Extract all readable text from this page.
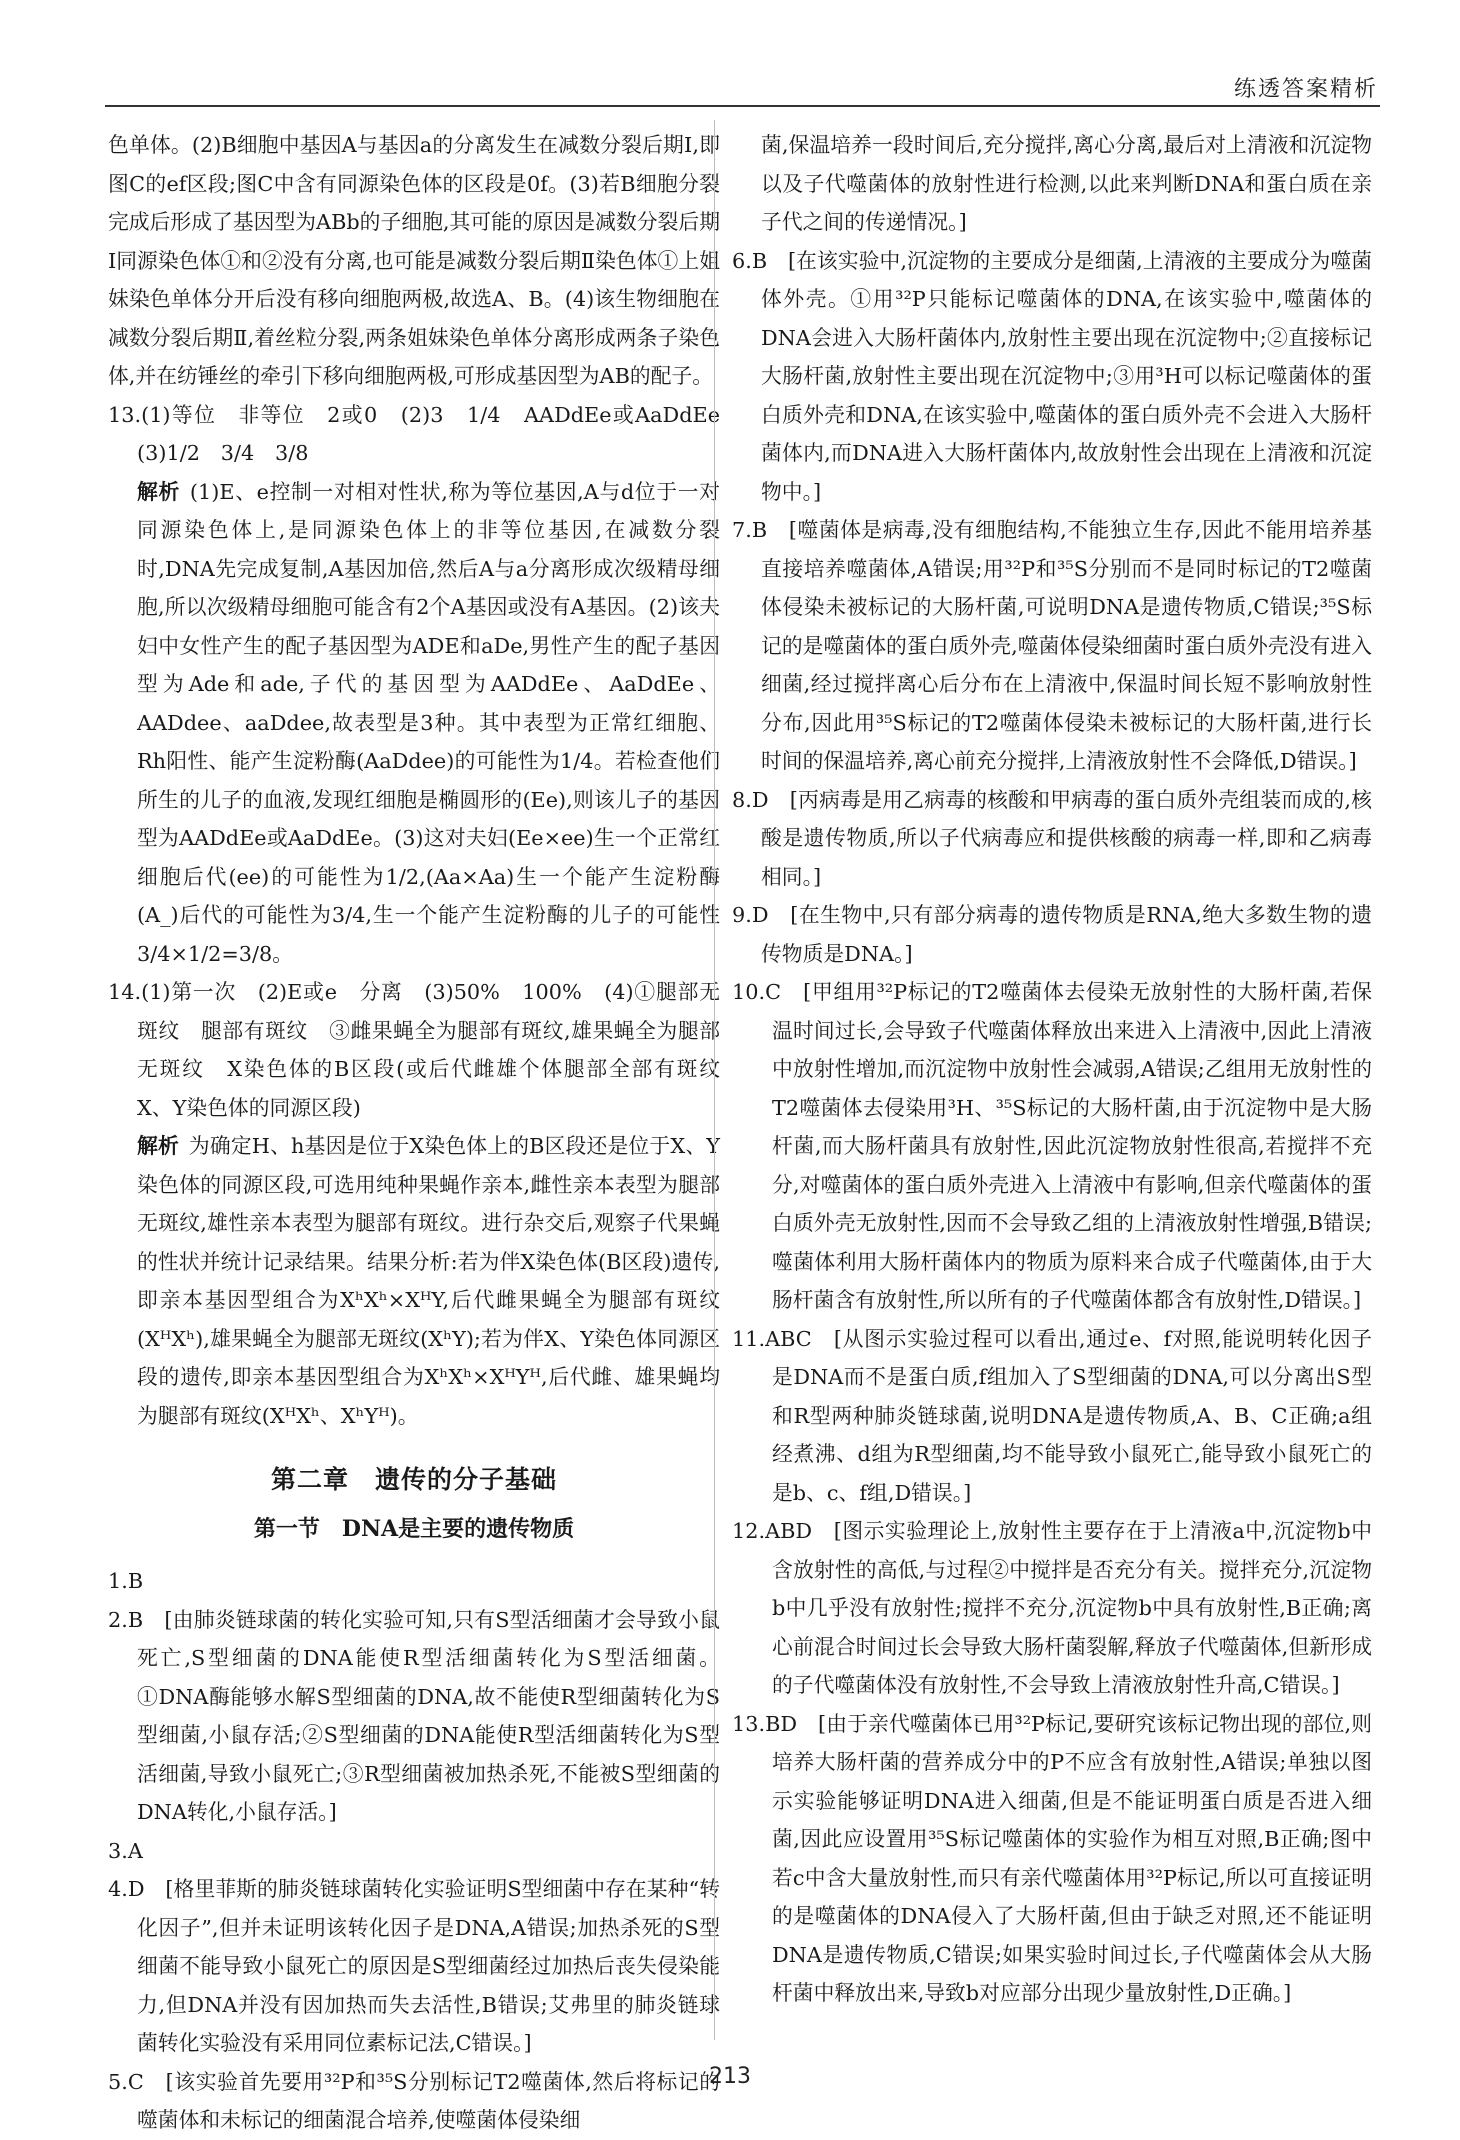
练透答案精析

色单体。(2)B细胞中基因A与基因a的分离发生在减数分裂后期Ⅰ,即图C的ef区段;图C中含有同源染色体的区段是0f。(3)若B细胞分裂完成后形成了基因型为ABb的子细胞,其可能的原因是减数分裂后期Ⅰ同源染色体①和②没有分离,也可能是减数分裂后期Ⅱ染色体①上姐妹染色单体分开后没有移向细胞两极,故选A、B。(4)该生物细胞在减数分裂后期Ⅱ,着丝粒分裂,两条姐妹染色单体分离形成两条子染色体,并在纺锤丝的牵引下移向细胞两极,可形成基因型为AB的配子。

13.(1)等位　非等位　2或0　(2)3　1/4　AADdEe或AaDdEe　(3)1/2　3/4　3/8

解析 (1)E、e控制一对相对性状,称为等位基因,A与d位于一对同源染色体上,是同源染色体上的非等位基因,在减数分裂时,DNA先完成复制,A基因加倍,然后A与a分离形成次级精母细胞,所以次级精母细胞可能含有2个A基因或没有A基因。(2)该夫妇中女性产生的配子基因型为ADE和aDe,男性产生的配子基因型为Ade和ade,子代的基因型为AADdEe、AaDdEe、AADdee、aaDdee,故表型是3种。其中表型为正常红细胞、Rh阳性、能产生淀粉酶(AaDdee)的可能性为1/4。若检查他们所生的儿子的血液,发现红细胞是椭圆形的(Ee),则该儿子的基因型为AADdEe或AaDdEe。(3)这对夫妇(Ee×ee)生一个正常红细胞后代(ee)的可能性为1/2,(Aa×Aa)生一个能产生淀粉酶(A_)后代的可能性为3/4,生一个能产生淀粉酶的儿子的可能性3/4×1/2=3/8。

14.(1)第一次　(2)E或e　分离　(3)50%　100%　(4)①腿部无斑纹　腿部有斑纹　③雌果蝇全为腿部有斑纹,雄果蝇全为腿部无斑纹　X染色体的B区段(或后代雌雄个体腿部全部有斑纹　X、Y染色体的同源区段)

解析 为确定H、h基因是位于X染色体上的B区段还是位于X、Y染色体的同源区段,可选用纯种果蝇作亲本,雌性亲本表型为腿部无斑纹,雄性亲本表型为腿部有斑纹。进行杂交后,观察子代果蝇的性状并统计记录结果。结果分析:若为伴X染色体(B区段)遗传,即亲本基因型组合为XʰXʰ×XᴴY,后代雌果蝇全为腿部有斑纹(XᴴXʰ),雄果蝇全为腿部无斑纹(XʰY);若为伴X、Y染色体同源区段的遗传,即亲本基因型组合为XʰXʰ×XᴴYᴴ,后代雌、雄果蝇均为腿部有斑纹(XᴴXʰ、XʰYᴴ)。

第二章　遗传的分子基础
第一节　DNA是主要的遗传物质

1.B

2.B　[由肺炎链球菌的转化实验可知,只有S型活细菌才会导致小鼠死亡,S型细菌的DNA能使R型活细菌转化为S型活细菌。①DNA酶能够水解S型细菌的DNA,故不能使R型细菌转化为S型细菌,小鼠存活;②S型细菌的DNA能使R型活细菌转化为S型活细菌,导致小鼠死亡;③R型细菌被加热杀死,不能被S型细菌的DNA转化,小鼠存活。]

3.A

4.D　[格里菲斯的肺炎链球菌转化实验证明S型细菌中存在某种“转化因子”,但并未证明该转化因子是DNA,A错误;加热杀死的S型细菌不能导致小鼠死亡的原因是S型细菌经过加热后丧失侵染能力,但DNA并没有因加热而失去活性,B错误;艾弗里的肺炎链球菌转化实验没有采用同位素标记法,C错误。]

5.C　[该实验首先要用³²P和³⁵S分别标记T2噬菌体,然后将标记的噬菌体和未标记的细菌混合培养,使噬菌体侵染细

菌,保温培养一段时间后,充分搅拌,离心分离,最后对上清液和沉淀物以及子代噬菌体的放射性进行检测,以此来判断DNA和蛋白质在亲子代之间的传递情况。]

6.B　[在该实验中,沉淀物的主要成分是细菌,上清液的主要成分为噬菌体外壳。①用³²P只能标记噬菌体的DNA,在该实验中,噬菌体的DNA会进入大肠杆菌体内,放射性主要出现在沉淀物中;②直接标记大肠杆菌,放射性主要出现在沉淀物中;③用³H可以标记噬菌体的蛋白质外壳和DNA,在该实验中,噬菌体的蛋白质外壳不会进入大肠杆菌体内,而DNA进入大肠杆菌体内,故放射性会出现在上清液和沉淀物中。]

7.B　[噬菌体是病毒,没有细胞结构,不能独立生存,因此不能用培养基直接培养噬菌体,A错误;用³²P和³⁵S分别而不是同时标记的T2噬菌体侵染未被标记的大肠杆菌,可说明DNA是遗传物质,C错误;³⁵S标记的是噬菌体的蛋白质外壳,噬菌体侵染细菌时蛋白质外壳没有进入细菌,经过搅拌离心后分布在上清液中,保温时间长短不影响放射性分布,因此用³⁵S标记的T2噬菌体侵染未被标记的大肠杆菌,进行长时间的保温培养,离心前充分搅拌,上清液放射性不会降低,D错误。]

8.D　[丙病毒是用乙病毒的核酸和甲病毒的蛋白质外壳组装而成的,核酸是遗传物质,所以子代病毒应和提供核酸的病毒一样,即和乙病毒相同。]

9.D　[在生物中,只有部分病毒的遗传物质是RNA,绝大多数生物的遗传物质是DNA。]

10.C　[甲组用³²P标记的T2噬菌体去侵染无放射性的大肠杆菌,若保温时间过长,会导致子代噬菌体释放出来进入上清液中,因此上清液中放射性增加,而沉淀物中放射性会减弱,A错误;乙组用无放射性的T2噬菌体去侵染用³H、³⁵S标记的大肠杆菌,由于沉淀物中是大肠杆菌,而大肠杆菌具有放射性,因此沉淀物放射性很高,若搅拌不充分,对噬菌体的蛋白质外壳进入上清液中有影响,但亲代噬菌体的蛋白质外壳无放射性,因而不会导致乙组的上清液放射性增强,B错误;噬菌体利用大肠杆菌体内的物质为原料来合成子代噬菌体,由于大肠杆菌含有放射性,所以所有的子代噬菌体都含有放射性,D错误。]

11.ABC　[从图示实验过程可以看出,通过e、f对照,能说明转化因子是DNA而不是蛋白质,f组加入了S型细菌的DNA,可以分离出S型和R型两种肺炎链球菌,说明DNA是遗传物质,A、B、C正确;a组经煮沸、d组为R型细菌,均不能导致小鼠死亡,能导致小鼠死亡的是b、c、f组,D错误。]

12.ABD　[图示实验理论上,放射性主要存在于上清液a中,沉淀物b中含放射性的高低,与过程②中搅拌是否充分有关。搅拌充分,沉淀物b中几乎没有放射性;搅拌不充分,沉淀物b中具有放射性,B正确;离心前混合时间过长会导致大肠杆菌裂解,释放子代噬菌体,但新形成的子代噬菌体没有放射性,不会导致上清液放射性升高,C错误。]

13.BD　[由于亲代噬菌体已用³²P标记,要研究该标记物出现的部位,则培养大肠杆菌的营养成分中的P不应含有放射性,A错误;单独以图示实验能够证明DNA进入细菌,但是不能证明蛋白质是否进入细菌,因此应设置用³⁵S标记噬菌体的实验作为相互对照,B正确;图中若c中含大量放射性,而只有亲代噬菌体用³²P标记,所以可直接证明的是噬菌体的DNA侵入了大肠杆菌,但由于缺乏对照,还不能证明DNA是遗传物质,C错误;如果实验时间过长,子代噬菌体会从大肠杆菌中释放出来,导致b对应部分出现少量放射性,D正确。]

213
